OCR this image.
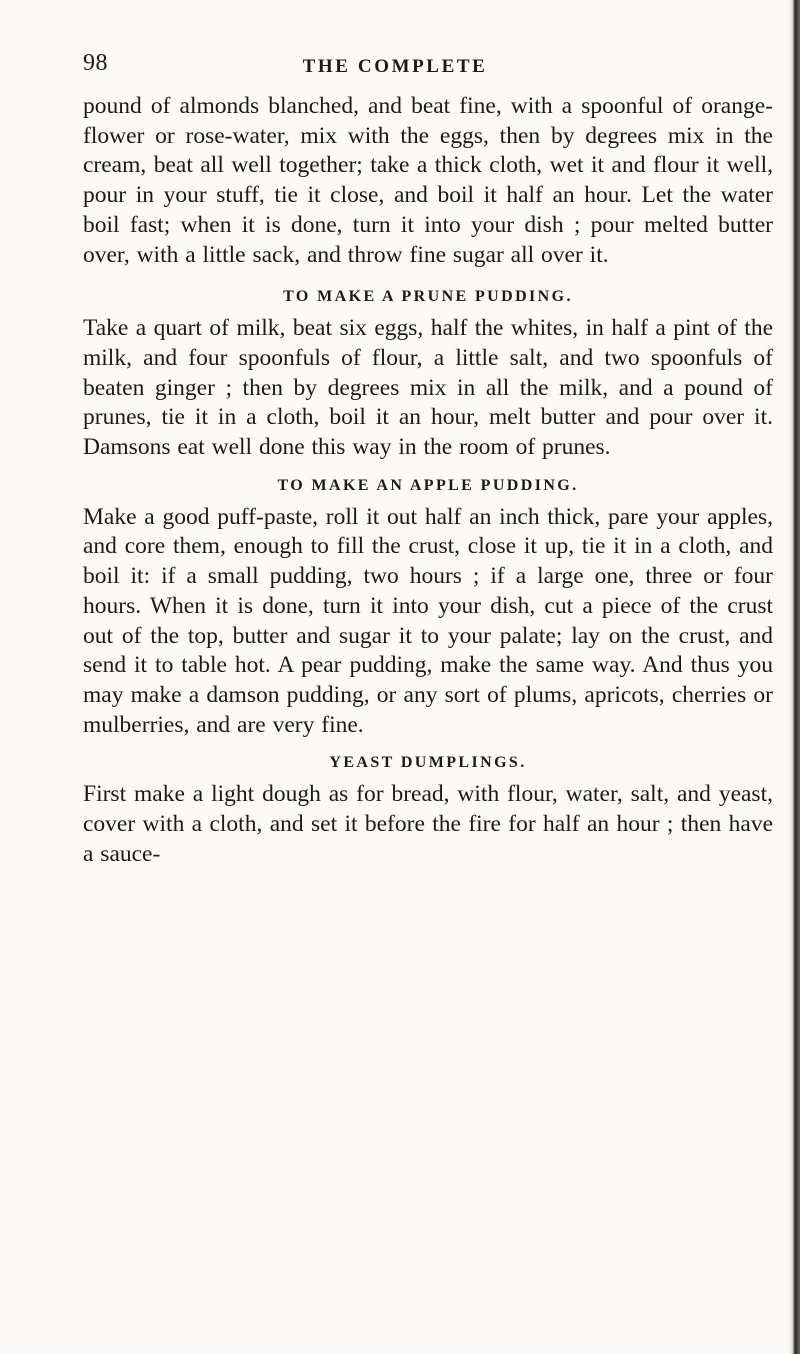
98	THE COMPLETE

pound of almonds blanched, and beat fine, with a spoonful of orange-flower or rose-water, mix with the eggs, then by degrees mix in the cream, beat all well together; take a thick cloth, wet it and flour it well, pour in your stuff, tie it close, and boil it half an hour. Let the water boil fast; when it is done, turn it into your dish ; pour melted butter over, with a little sack, and throw fine sugar all over it.

TO MAKE A PRUNE PUDDING.

Take a quart of milk, beat six eggs, half the whites, in half a pint of the milk, and four spoonfuls of flour, a little salt, and two spoonfuls of beaten ginger ; then by degrees mix in all the milk, and a pound of prunes, tie it in a cloth, boil it an hour, melt butter and pour over it. Damsons eat well done this way in the room of prunes.

TO MAKE AN APPLE PUDDING.

Make a good puff-paste, roll it out half an inch thick, pare your apples, and core them, enough to fill the crust, close it up, tie it in a cloth, and boil it: if a small pudding, two hours ; if a large one, three or four hours. When it is done, turn it into your dish, cut a piece of the crust out of the top, butter and sugar it to your palate; lay on the crust, and send it to table hot. A pear pudding, make the same way. And thus you may make a damson pudding, or any sort of plums, apricots, cherries or mulberries, and are very fine.

YEAST DUMPLINGS.

First make a light dough as for bread, with flour, water, salt, and yeast, cover with a cloth, and set it before the fire for half an hour ; then have a sauce-
